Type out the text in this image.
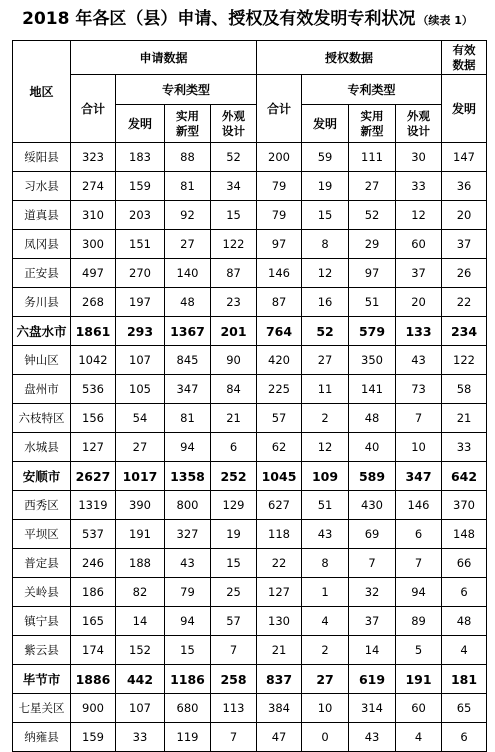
2018 年各区（县）申请、授权及有效发明专利状况 （续表 1）
地区	申请数据				授权数据				有效数据
	合计	专利类型			合计	专利类型			发明
		发明	实用新型	外观设计		发明	实用新型	外观设计	
绥阳县	323	183	88	52	200	59	111	30	147
习水县	274	159	81	34	79	19	27	33	36
道真县	310	203	92	15	79	15	52	12	20
凤冈县	300	151	27	122	97	8	29	60	37
正安县	497	270	140	87	146	12	97	37	26
务川县	268	197	48	23	87	16	51	20	22
六盘水市	1861	293	1367	201	764	52	579	133	234
钟山区	1042	107	845	90	420	27	350	43	122
盘州市	536	105	347	84	225	11	141	73	58
六枝特区	156	54	81	21	57	2	48	7	21
水城县	127	27	94	6	62	12	40	10	33
安顺市	2627	1017	1358	252	1045	109	589	347	642
西秀区	1319	390	800	129	627	51	430	146	370
平坝区	537	191	327	19	118	43	69	6	148
普定县	246	188	43	15	22	8	7	7	66
关岭县	186	82	79	25	127	1	32	94	6
镇宁县	165	14	94	57	130	4	37	89	48
紫云县	174	152	15	7	21	2	14	5	4
毕节市	1886	442	1186	258	837	27	619	191	181
七星关区	900	107	680	113	384	10	314	60	65
纳雍县	159	33	119	7	47	0	43	4	6
